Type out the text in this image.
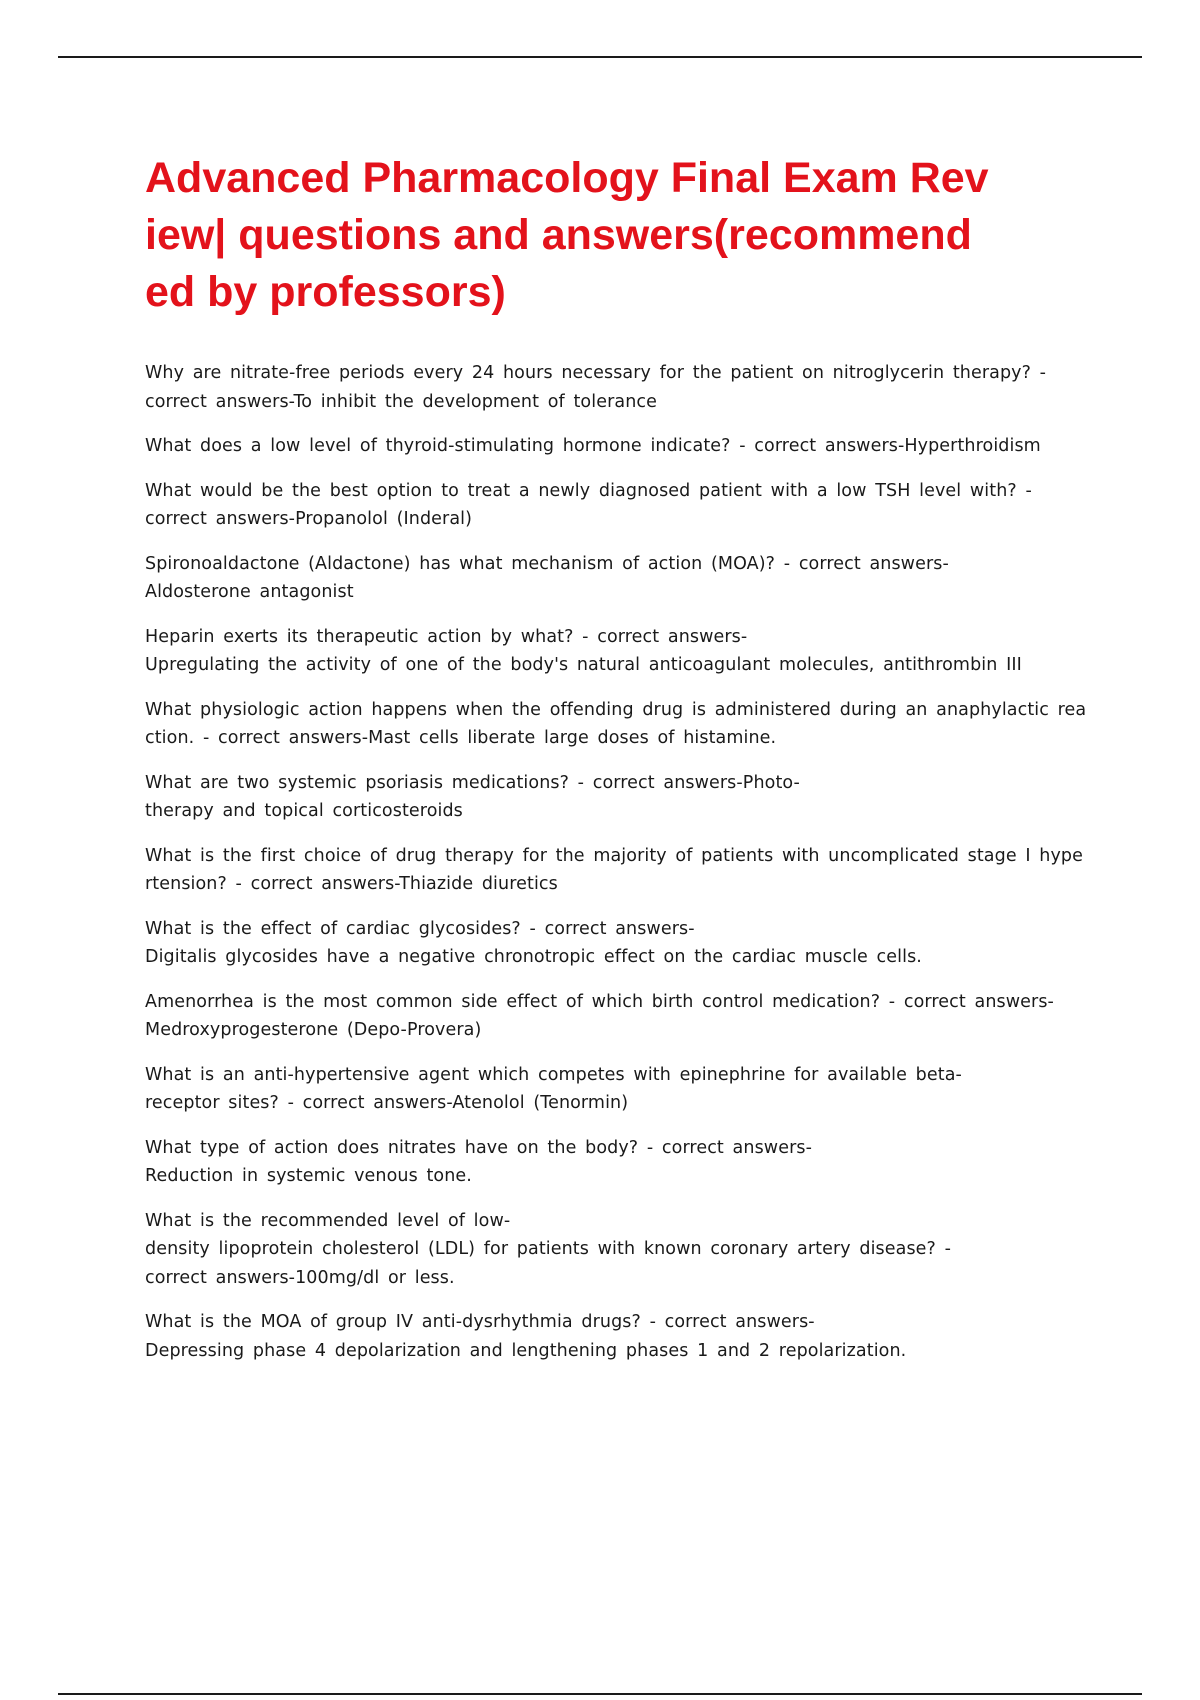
Advanced Pharmacology Final Exam Rev
iew| questions and answers(recommend
ed by professors)

Why are nitrate-free periods every 24 hours necessary for the patient on nitroglycerin therapy? -
correct answers-To inhibit the development of tolerance

What does a low level of thyroid-stimulating hormone indicate? - correct answers-Hyperthroidism

What would be the best option to treat a newly diagnosed patient with a low TSH level with? -
correct answers-Propanolol (Inderal)

Spironoaldactone (Aldactone) has what mechanism of action (MOA)? - correct answers-
Aldosterone antagonist

Heparin exerts its therapeutic action by what? - correct answers-
Upregulating the activity of one of the body's natural anticoagulant molecules, antithrombin III

What physiologic action happens when the offending drug is administered during an anaphylactic rea
ction. - correct answers-Mast cells liberate large doses of histamine.

What are two systemic psoriasis medications? - correct answers-Photo-
therapy and topical corticosteroids

What is the first choice of drug therapy for the majority of patients with uncomplicated stage I hype
rtension? - correct answers-Thiazide diuretics

What is the effect of cardiac glycosides? - correct answers-
Digitalis glycosides have a negative chronotropic effect on the cardiac muscle cells.

Amenorrhea is the most common side effect of which birth control medication? - correct answers-
Medroxyprogesterone (Depo-Provera)

What is an anti-hypertensive agent which competes with epinephrine for available beta-
receptor sites? - correct answers-Atenolol (Tenormin)

What type of action does nitrates have on the body? - correct answers-
Reduction in systemic venous tone.

What is the recommended level of low-
density lipoprotein cholesterol (LDL) for patients with known coronary artery disease? -
correct answers-100mg/dl or less.

What is the MOA of group IV anti-dysrhythmia drugs? - correct answers-
Depressing phase 4 depolarization and lengthening phases 1 and 2 repolarization.
